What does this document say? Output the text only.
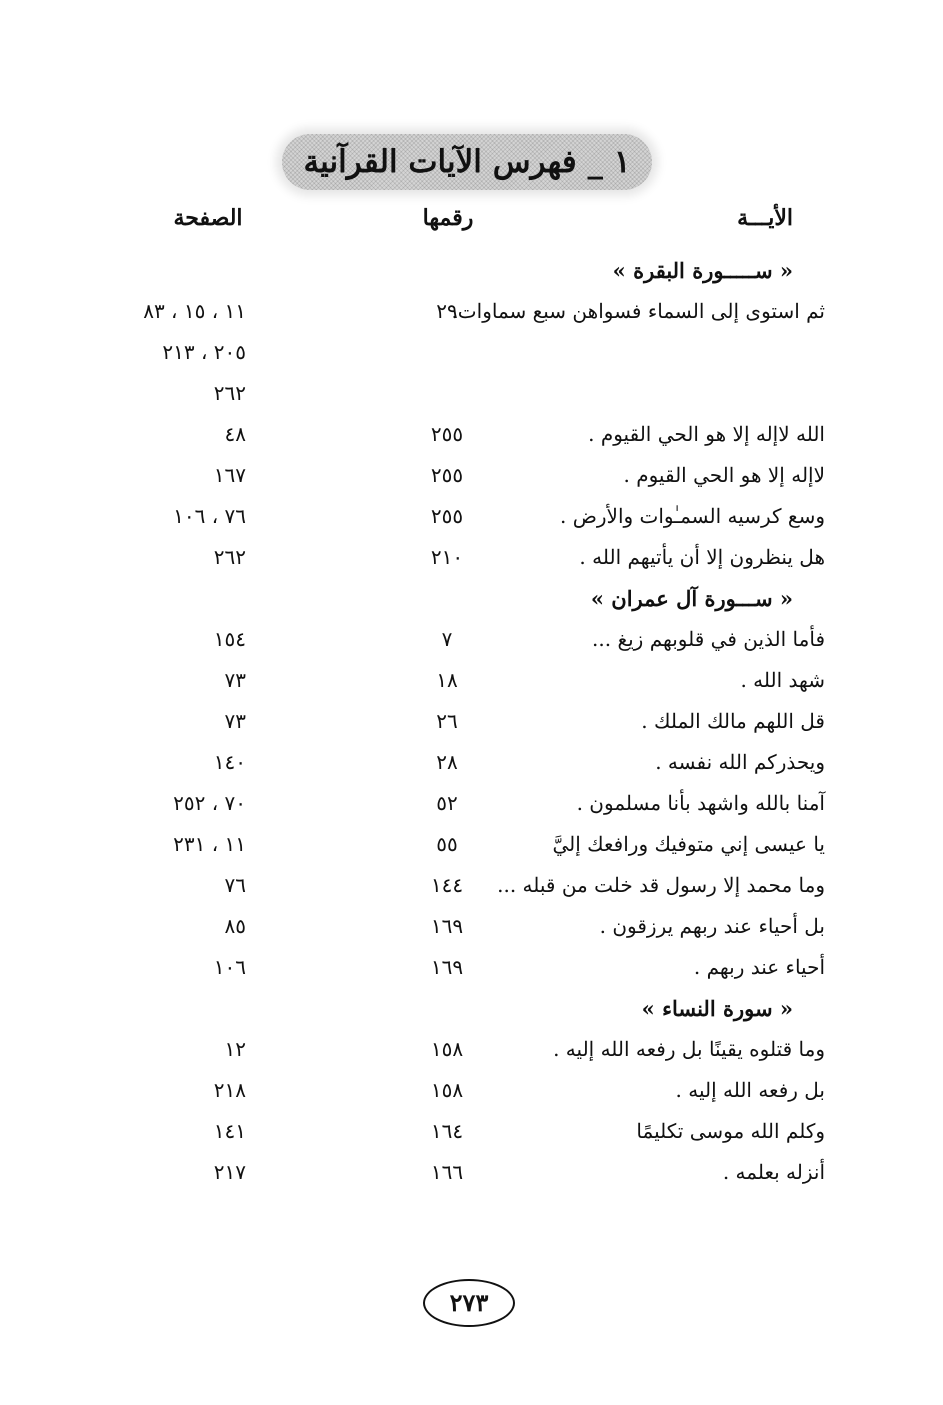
١ _ فهرس الآيات القرآنية
الأيـــة
رقمها
الصفحة
« ســـــورة البقرة »
ثم استوى إلى السماء فسواهن سبع سماوات.
٢٩
١١ ، ١٥ ، ٨٣
٢٠٥ ، ٢١٣
٢٦٢
الله لاإله إلا هو الحي القيوم .
٢٥٥
٤٨
لاإله إلا هو الحي القيوم .
٢٥٥
١٦٧
وسع كرسيه السمـٰوات والأرض .
٢٥٥
٧٦ ، ١٠٦
هل ينظرون إلا أن يأتيهم الله .
٢١٠
٢٦٢
« ســـورة آل عمران »
فأما الذين في قلوبهم زيغ ...
٧
١٥٤
شهد الله .
١٨
٧٣
قل اللهم مالك الملك .
٢٦
٧٣
ويحذركم الله نفسه .
٢٨
١٤٠
آمنا بالله واشهد بأنا مسلمون .
٥٢
٧٠ ، ٢٥٢
يا عيسى إني متوفيك ورافعك إليَّ
٥٥
١١ ، ٢٣١
وما محمد إلا رسول قد خلت من قبله ...
١٤٤
٧٦
بل أحياء عند ربهم يرزقون .
١٦٩
٨٥
أحياء عند ربهم .
١٦٩
١٠٦
« سورة النساء »
وما قتلوه يقينًا بل رفعه الله إليه .
١٥٨
١٢
بل رفعه الله إليه .
١٥٨
٢١٨
وكلم الله موسى تكليمًا
١٦٤
١٤١
أنزله بعلمه .
١٦٦
٢١٧
٢٧٣
